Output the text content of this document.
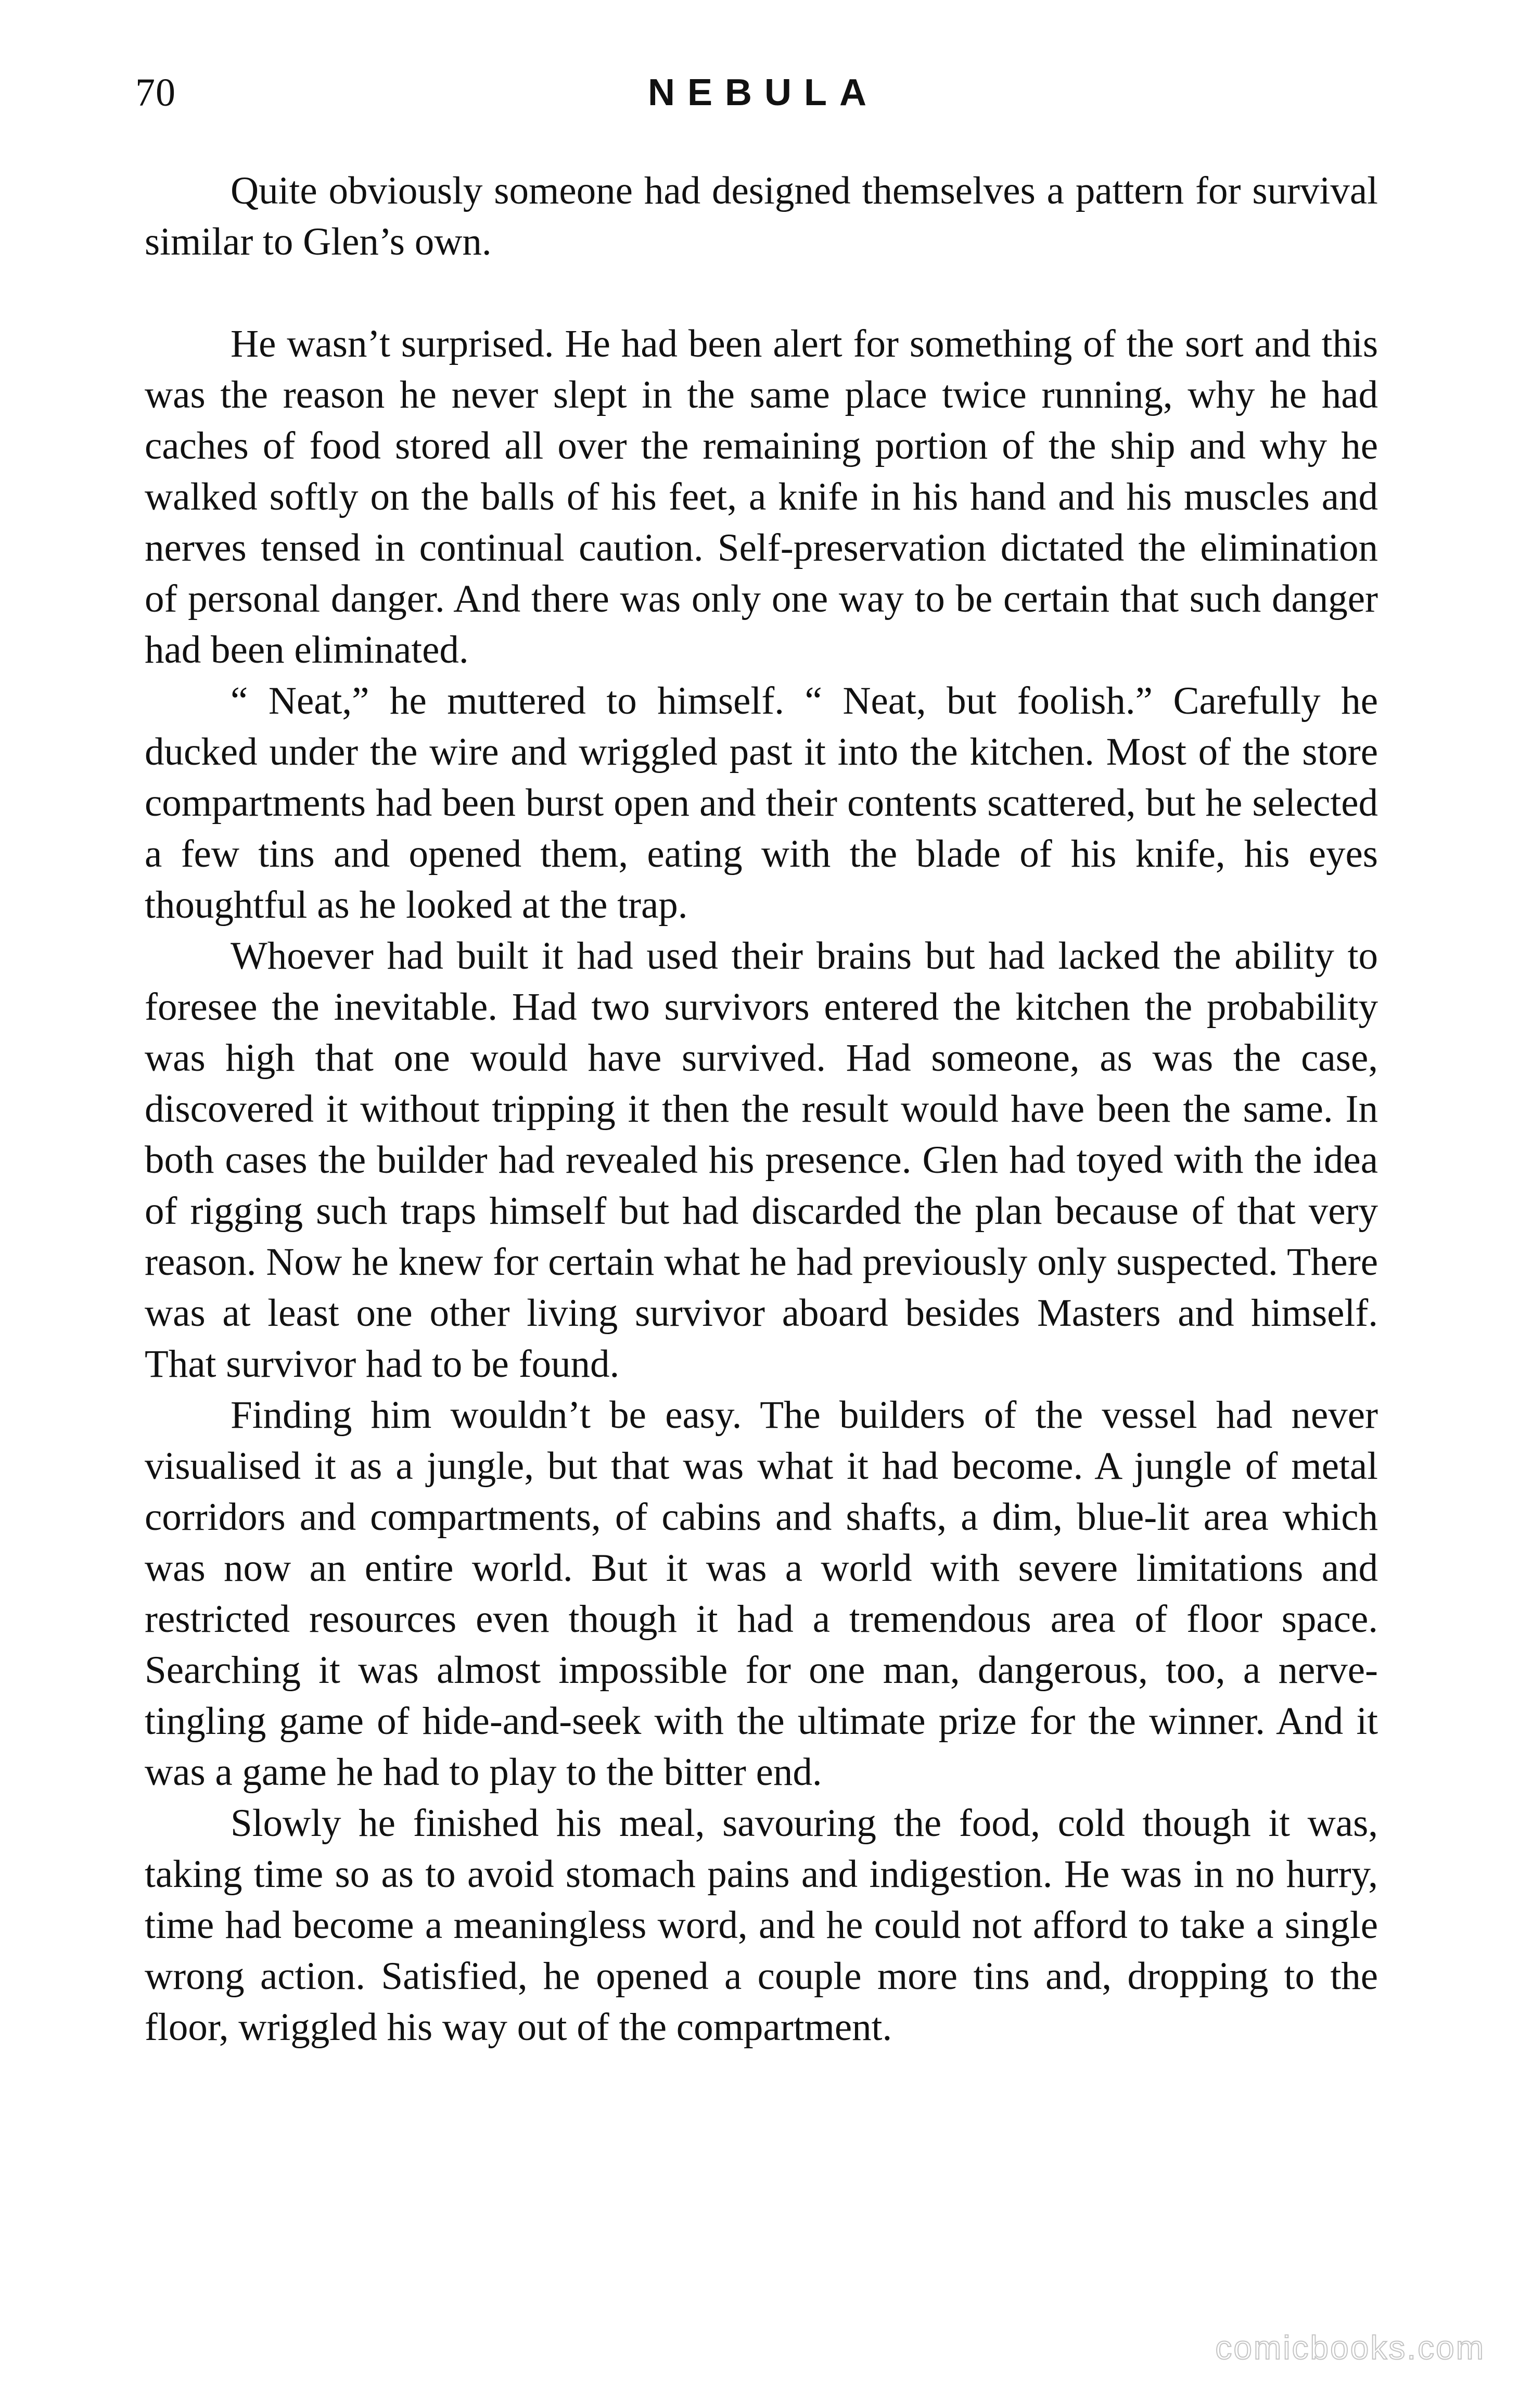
70	NEBULA

Quite obviously someone had designed themselves a pattern for survival similar to Glen’s own.

He wasn’t surprised. He had been alert for something of the sort and this was the reason he never slept in the same place twice running, why he had caches of food stored all over the remaining portion of the ship and why he walked softly on the balls of his feet, a knife in his hand and his muscles and nerves tensed in continual caution. Self-preservation dictated the elimination of personal danger. And there was only one way to be certain that such danger had been eliminated.

“ Neat,” he muttered to himself. “ Neat, but foolish.” Carefully he ducked under the wire and wriggled past it into the kitchen. Most of the store compartments had been burst open and their contents scattered, but he selected a few tins and opened them, eating with the blade of his knife, his eyes thoughtful as he looked at the trap.

Whoever had built it had used their brains but had lacked the ability to foresee the inevitable. Had two survivors entered the kitchen the probability was high that one would have survived. Had someone, as was the case, discovered it without tripping it then the result would have been the same. In both cases the builder had revealed his presence. Glen had toyed with the idea of rigging such traps himself but had discarded the plan because of that very reason. Now he knew for certain what he had previously only suspected. There was at least one other living survivor aboard besides Masters and himself. That survivor had to be found.

Finding him wouldn’t be easy. The builders of the vessel had never visualised it as a jungle, but that was what it had become. A jungle of metal corridors and compartments, of cabins and shafts, a dim, blue-lit area which was now an entire world. But it was a world with severe limitations and restricted resources even though it had a tremendous area of floor space. Searching it was almost impossible for one man, dangerous, too, a nerve-tingling game of hide-and-seek with the ultimate prize for the winner. And it was a game he had to play to the bitter end.

Slowly he finished his meal, savouring the food, cold though it was, taking time so as to avoid stomach pains and indigestion. He was in no hurry, time had become a meaningless word, and he could not afford to take a single wrong action. Satisfied, he opened a couple more tins and, dropping to the floor, wriggled his way out of the compartment.

comicbooks.com
